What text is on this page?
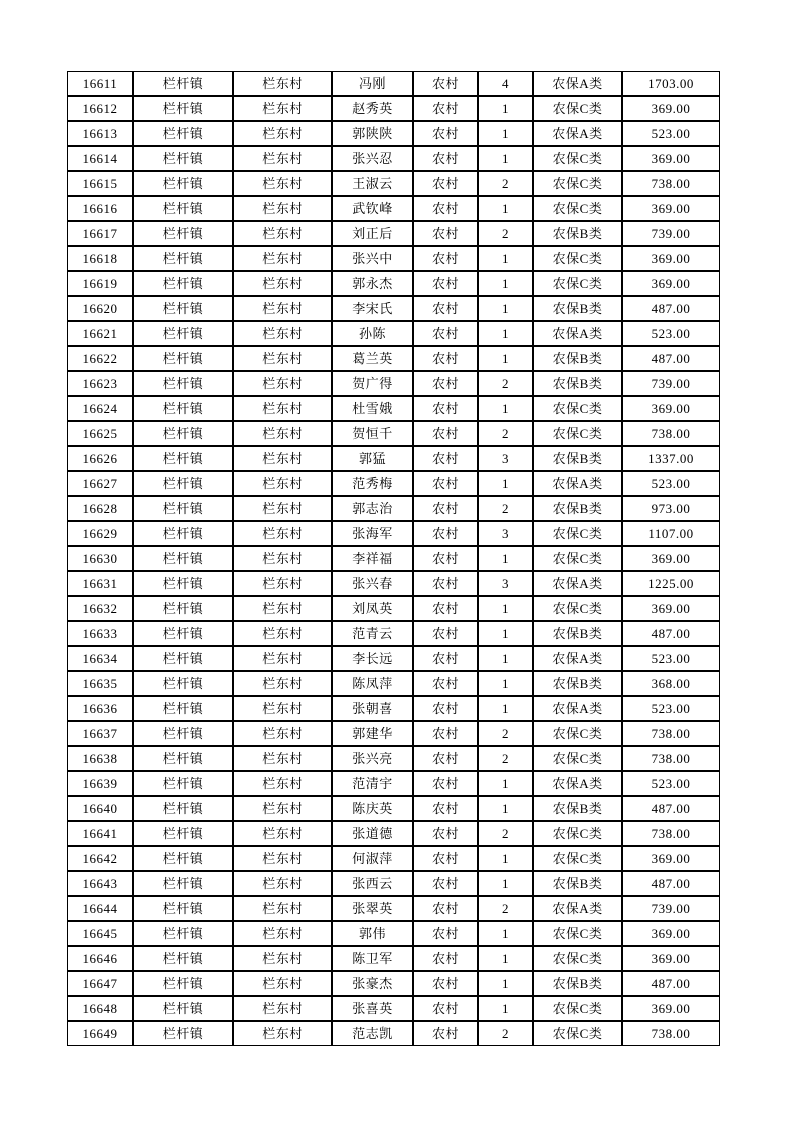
16611	栏杆镇	栏东村	冯刚	农村	4	农保A类	1703.00
16612	栏杆镇	栏东村	赵秀英	农村	1	农保C类	369.00
16613	栏杆镇	栏东村	郭陕陕	农村	1	农保A类	523.00
16614	栏杆镇	栏东村	张兴忍	农村	1	农保C类	369.00
16615	栏杆镇	栏东村	王淑云	农村	2	农保C类	738.00
16616	栏杆镇	栏东村	武钦峰	农村	1	农保C类	369.00
16617	栏杆镇	栏东村	刘正后	农村	2	农保B类	739.00
16618	栏杆镇	栏东村	张兴中	农村	1	农保C类	369.00
16619	栏杆镇	栏东村	郭永杰	农村	1	农保C类	369.00
16620	栏杆镇	栏东村	李宋氏	农村	1	农保B类	487.00
16621	栏杆镇	栏东村	孙陈	农村	1	农保A类	523.00
16622	栏杆镇	栏东村	葛兰英	农村	1	农保B类	487.00
16623	栏杆镇	栏东村	贺广得	农村	2	农保B类	739.00
16624	栏杆镇	栏东村	杜雪娥	农村	1	农保C类	369.00
16625	栏杆镇	栏东村	贺恒千	农村	2	农保C类	738.00
16626	栏杆镇	栏东村	郭猛	农村	3	农保B类	1337.00
16627	栏杆镇	栏东村	范秀梅	农村	1	农保A类	523.00
16628	栏杆镇	栏东村	郭志治	农村	2	农保B类	973.00
16629	栏杆镇	栏东村	张海军	农村	3	农保C类	1107.00
16630	栏杆镇	栏东村	李祥福	农村	1	农保C类	369.00
16631	栏杆镇	栏东村	张兴春	农村	3	农保A类	1225.00
16632	栏杆镇	栏东村	刘凤英	农村	1	农保C类	369.00
16633	栏杆镇	栏东村	范青云	农村	1	农保B类	487.00
16634	栏杆镇	栏东村	李长远	农村	1	农保A类	523.00
16635	栏杆镇	栏东村	陈凤萍	农村	1	农保B类	368.00
16636	栏杆镇	栏东村	张朝喜	农村	1	农保A类	523.00
16637	栏杆镇	栏东村	郭建华	农村	2	农保C类	738.00
16638	栏杆镇	栏东村	张兴亮	农村	2	农保C类	738.00
16639	栏杆镇	栏东村	范清宇	农村	1	农保A类	523.00
16640	栏杆镇	栏东村	陈庆英	农村	1	农保B类	487.00
16641	栏杆镇	栏东村	张道德	农村	2	农保C类	738.00
16642	栏杆镇	栏东村	何淑萍	农村	1	农保C类	369.00
16643	栏杆镇	栏东村	张西云	农村	1	农保B类	487.00
16644	栏杆镇	栏东村	张翠英	农村	2	农保A类	739.00
16645	栏杆镇	栏东村	郭伟	农村	1	农保C类	369.00
16646	栏杆镇	栏东村	陈卫军	农村	1	农保C类	369.00
16647	栏杆镇	栏东村	张豪杰	农村	1	农保B类	487.00
16648	栏杆镇	栏东村	张喜英	农村	1	农保C类	369.00
16649	栏杆镇	栏东村	范志凯	农村	2	农保C类	738.00
